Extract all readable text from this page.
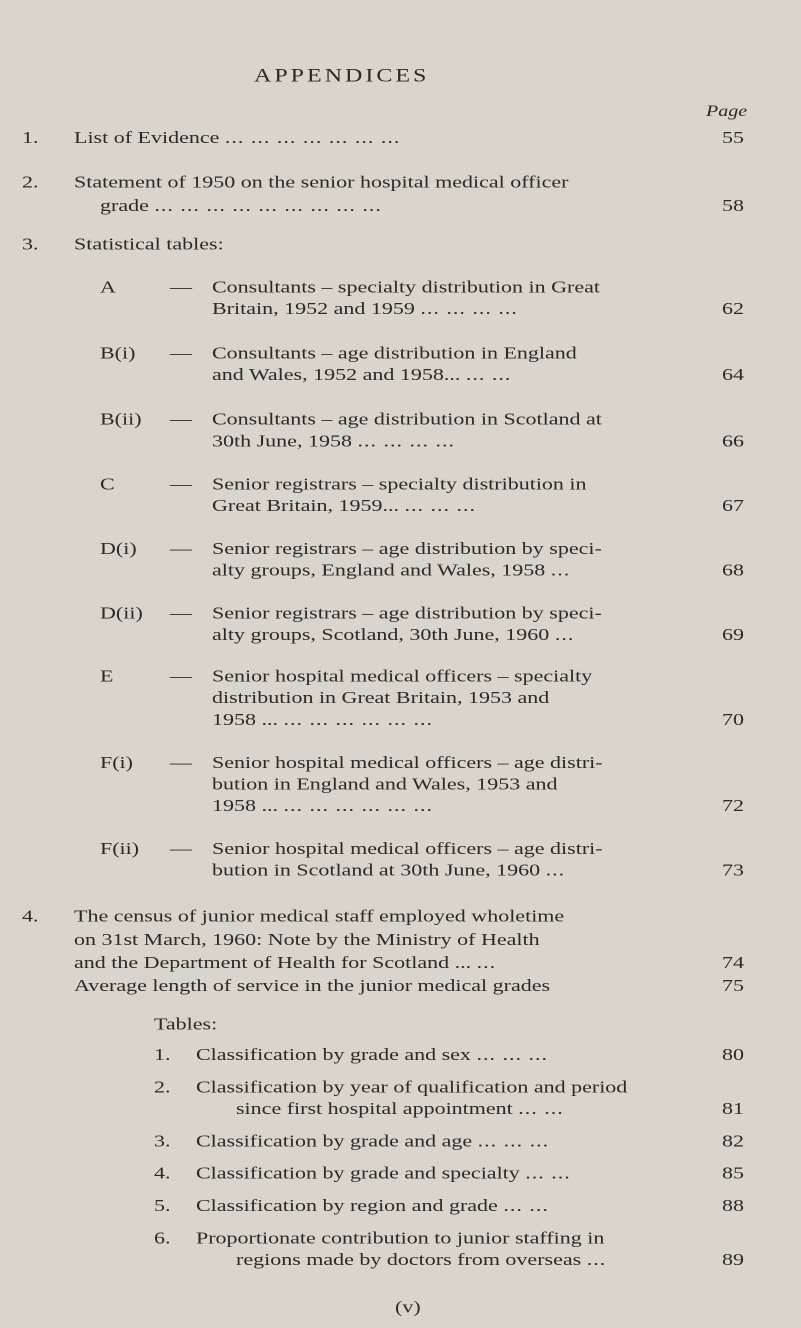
APPENDICES
Page
1. List of Evidence ... ... ... ... ... ... ...	55
2. Statement of 1950 on the senior hospital medical officer
grade ... ... ... ... ... ... ... ... ...	58
3. Statistical tables:
A — Consultants – specialty distribution in Great
Britain, 1952 and 1959 ... ... ... ...	62
B(i) — Consultants – age distribution in England
and Wales, 1952 and 1958... ... ...	64
B(ii) — Consultants – age distribution in Scotland at
30th June, 1958 ... ... ... ...	66
C	— Senior registrars – specialty distribution in
Great Britain, 1959... ... ... ...	67
D(i) — Senior registrars – age distribution by speci-
alty groups, England and Wales, 1958 ...	68
D(ii) — Senior registrars – age distribution by speci-
alty groups, Scotland, 30th June, 1960 ...	69
E	— Senior hospital medical officers – specialty
distribution in Great Britain, 1953 and
1958 ... ... ... ... ... ... ...	70
F(i) — Senior hospital medical officers – age distri-
bution in England and Wales, 1953 and
1958 ... ... ... ... ... ... ...	72
F(ii) — Senior hospital medical officers – age distri-
bution in Scotland at 30th June, 1960 ...	73
(v)
4. The census of junior medical staff employed wholetime
on 31st March, 1960: Note by the Ministry of Health
and the Department of Health for Scotland ... ...	74
Average length of service in the junior medical grades	75
Tables:
1. Classification by grade and sex ... ... ...	80
2. Classification by year of qualification and period
since first hospital appointment ... ...	81
3. Classification by grade and age ... ... ...	82
4. Classification by grade and specialty ... ...	85
5. Classification by region and grade ... ...	88
6. Proportionate contribution to junior staffing in
regions made by doctors from overseas ...	89
